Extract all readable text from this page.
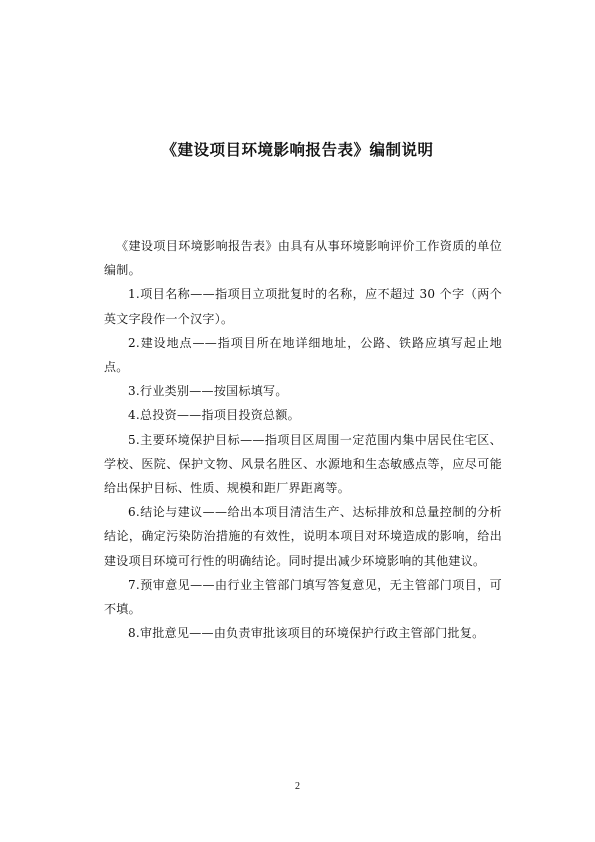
《建设项目环境影响报告表》编制说明

《建设项目环境影响报告表》由具有从事环境影响评价工作资质的单位编制。

1.项目名称——指项目立项批复时的名称，应不超过 30 个字（两个英文字段作一个汉字）。

2.建设地点——指项目所在地详细地址，公路、铁路应填写起止地点。

3.行业类别——按国标填写。

4.总投资——指项目投资总额。

5.主要环境保护目标——指项目区周围一定范围内集中居民住宅区、学校、医院、保护文物、风景名胜区、水源地和生态敏感点等，应尽可能给出保护目标、性质、规模和距厂界距离等。

6.结论与建议——给出本项目清洁生产、达标排放和总量控制的分析结论，确定污染防治措施的有效性，说明本项目对环境造成的影响，给出建设项目环境可行性的明确结论。同时提出减少环境影响的其他建议。

7.预审意见——由行业主管部门填写答复意见，无主管部门项目，可不填。

8.审批意见——由负责审批该项目的环境保护行政主管部门批复。

2
